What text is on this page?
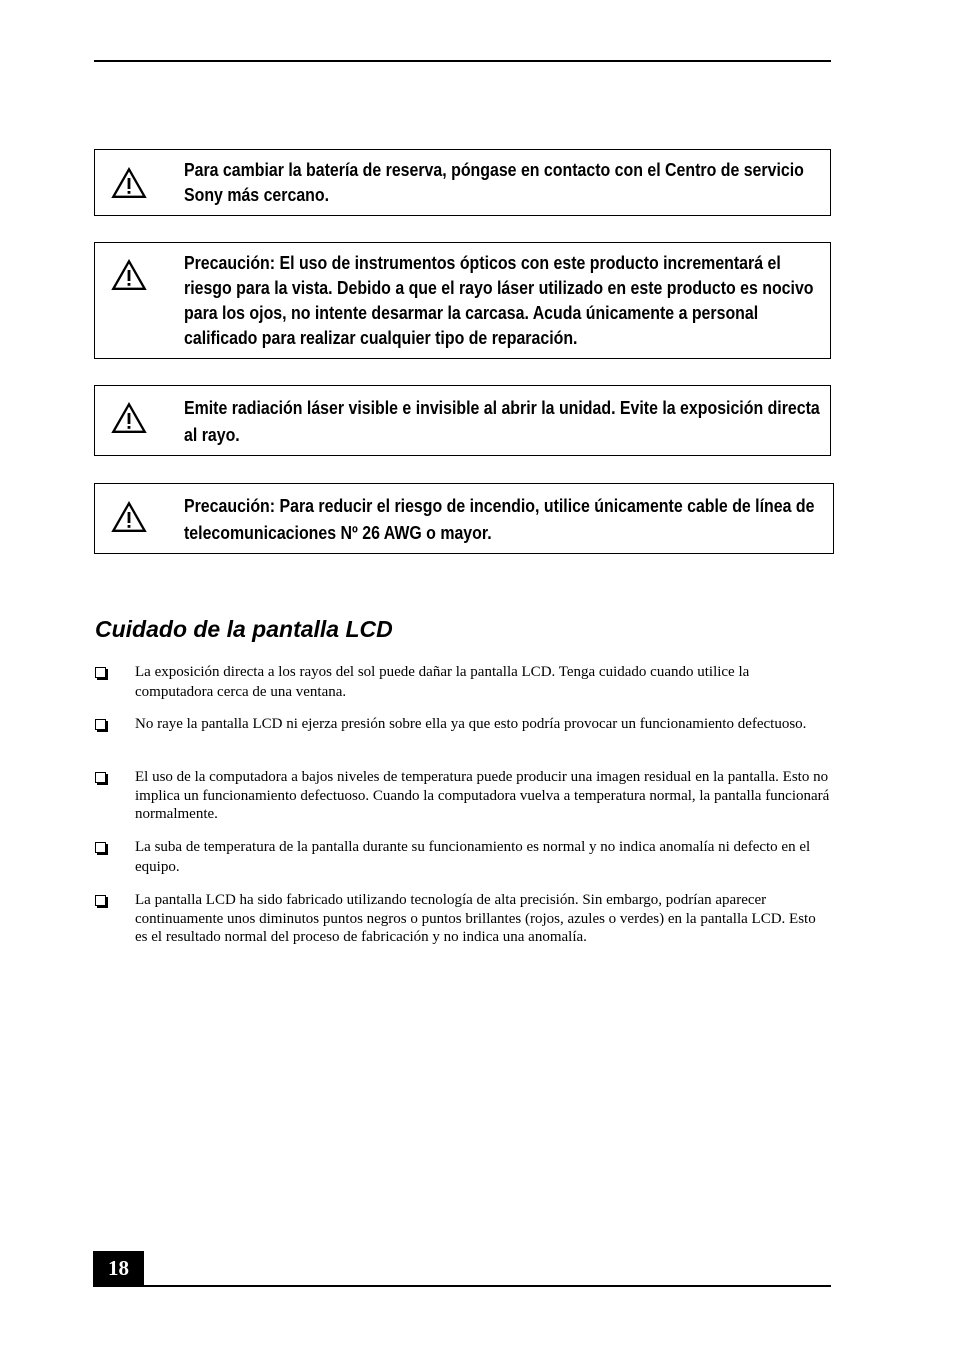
Para cambiar la batería de reserva, póngase en contacto con el Centro de servicio Sony más cercano.
Precaución: El uso de instrumentos ópticos con este producto incrementará el riesgo para la vista. Debido a que el rayo láser utilizado en este producto es nocivo para los ojos, no intente desarmar la carcasa. Acuda únicamente a personal calificado para realizar cualquier tipo de reparación.
Emite radiación láser visible e invisible al abrir la unidad. Evite la exposición directa al rayo.
Precaución: Para reducir el riesgo de incendio, utilice únicamente cable de línea de telecomunicaciones Nº 26 AWG o mayor.
Cuidado de la pantalla LCD
La exposición directa a los rayos del sol puede dañar la pantalla LCD. Tenga cuidado cuando utilice la computadora cerca de una ventana.
No raye la pantalla LCD ni ejerza presión sobre ella ya que esto podría provocar un funcionamiento defectuoso.
El uso de la computadora a bajos niveles de temperatura puede producir una imagen residual en la pantalla. Esto no implica un funcionamiento defectuoso. Cuando la computadora vuelva a temperatura normal, la pantalla funcionará normalmente.
La suba de temperatura de la pantalla durante su funcionamiento es normal y no indica anomalía ni defecto en el equipo.
La pantalla LCD ha sido fabricado utilizando tecnología de alta precisión. Sin embargo, podrían aparecer continuamente unos diminutos puntos negros o puntos brillantes (rojos, azules o verdes) en la pantalla LCD. Esto es el resultado normal del proceso de fabricación y no indica una anomalía.
18
